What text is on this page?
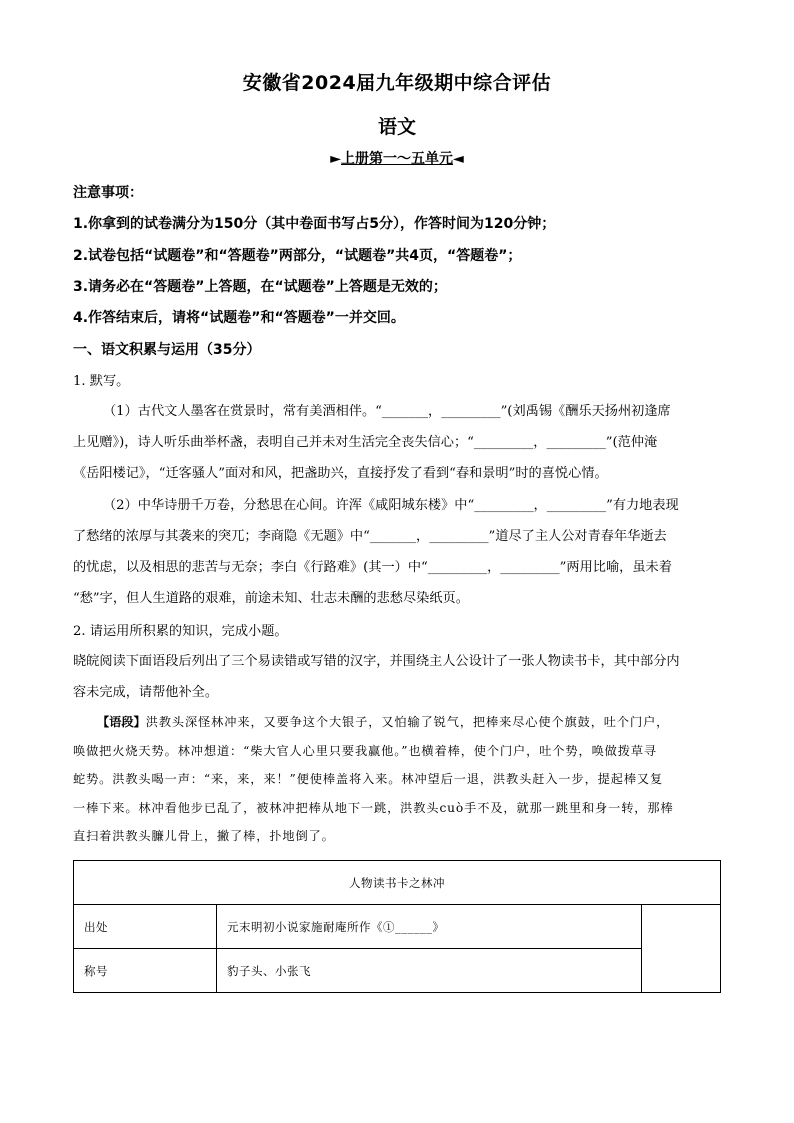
安徽省2024届九年级期中综合评估
语文
►上册第一～五单元◄
注意事项：
1.你拿到的试卷满分为150分（其中卷面书写占5分），作答时间为120分钟；
2.试卷包括“试题卷”和“答题卷”两部分，“试题卷”共4页，“答题卷”；
3.请务必在“答题卷”上答题，在“试题卷”上答题是无效的；
4.作答结束后，请将“试题卷”和“答题卷”一并交回。
一、语文积累与运用（35分）
1. 默写。

（1）古代文人墨客在赏景时，常有美酒相伴。“_______，_________”(刘禹锡《酬乐天扬州初逢席

上见赠》)，诗人听乐曲举杯盏，表明自己并未对生活完全丧失信心；“_________，_________”(范仲淹

《岳阳楼记》，“迁客骚人”面对和风，把盏助兴，直接抒发了看到“春和景明”时的喜悦心情。

（2）中华诗册千万卷，分愁思在心间。许浑《咸阳城东楼》中“_________，_________”有力地表现

了愁绪的浓厚与其袭来的突兀；李商隐《无题》中“_______，_________”道尽了主人公对青春年华逝去

的忧虑，以及相思的悲苦与无奈；李白《行路难》(其一）中“_________，_________”两用比喻，虽未着

“愁”字，但人生道路的艰难，前途未知、壮志未酬的悲愁尽染纸页。

2. 请运用所积累的知识，完成小题。

晓皖阅读下面语段后列出了三个易读错或写错的汉字，并围绕主人公设计了一张人物读书卡，其中部分内

容未完成，请帮他补全。

【语段】洪教头深怪林冲来，又要争这个大银子，又怕输了锐气，把棒来尽心使个旗鼓，吐个门户，

唤做把火烧天势。林冲想道：“柴大官人心里只要我赢他。”也横着棒，使个门户，吐个势，唤做拨草寻

蛇势。洪教头喝一声：“来，来，来！”便使棒盖将入来。林冲望后一退，洪教头赶入一步，提起棒又复

一棒下来。林冲看他步已乱了，被林冲把棒从地下一跳，洪教头cuò手不及，就那一跳里和身一转，那棒

直扫着洪教头臁儿骨上，撇了棒，扑地倒了。

人物读书卡之林冲		
出处	元末明初小说家施耐庵所作《①______》	
称号	豹子头、小张飞	
